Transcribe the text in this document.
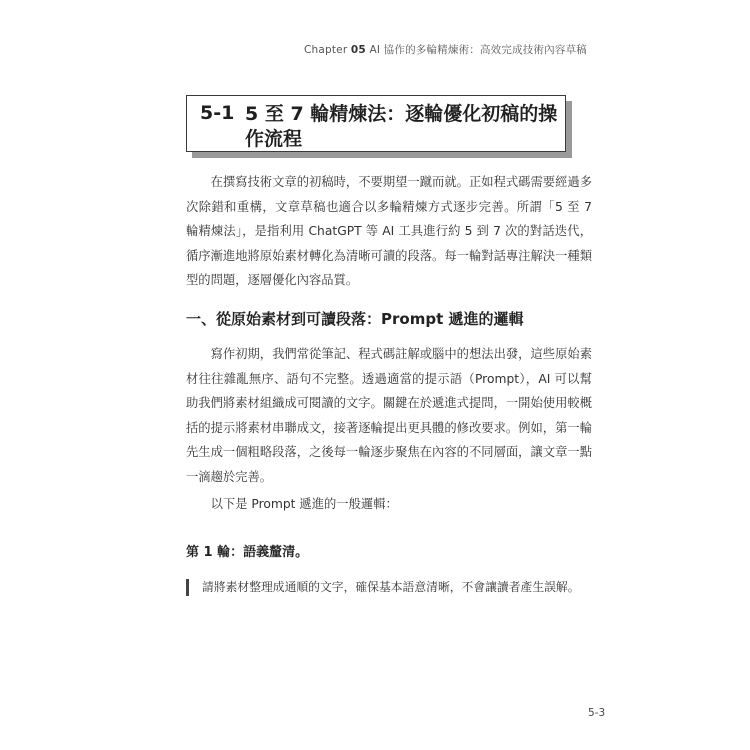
Chapter 05 AI 協作的多輪精煉術：高效完成技術內容草稿
5-1 5 至 7 輪精煉法：逐輪優化初稿的操作流程

在撰寫技術文章的初稿時，不要期望一蹴而就。正如程式碼需要經過多次除錯和重構，文章草稿也適合以多輪精煉方式逐步完善。所謂「5 至 7 輪精煉法」，是指利用 ChatGPT 等 AI 工具進行約 5 到 7 次的對話迭代，循序漸進地將原始素材轉化為清晰可讀的段落。每一輪對話專注解決一種類型的問題，逐層優化內容品質。

一、從原始素材到可讀段落：Prompt 遞進的邏輯

寫作初期，我們常從筆記、程式碼註解或腦中的想法出發，這些原始素材往往雜亂無序、語句不完整。透過適當的提示語（Prompt），AI 可以幫助我們將素材組織成可閱讀的文字。關鍵在於遞進式提問，一開始使用較概括的提示將素材串聯成文，接著逐輪提出更具體的修改要求。例如，第一輪先生成一個粗略段落，之後每一輪逐步聚焦在內容的不同層面，讓文章一點一滴趨於完善。

以下是 Prompt 遞進的一般邏輯：
第 1 輪：語義釐清。
請將素材整理成通順的文字，確保基本語意清晰，不會讓讀者產生誤解。
5-3
